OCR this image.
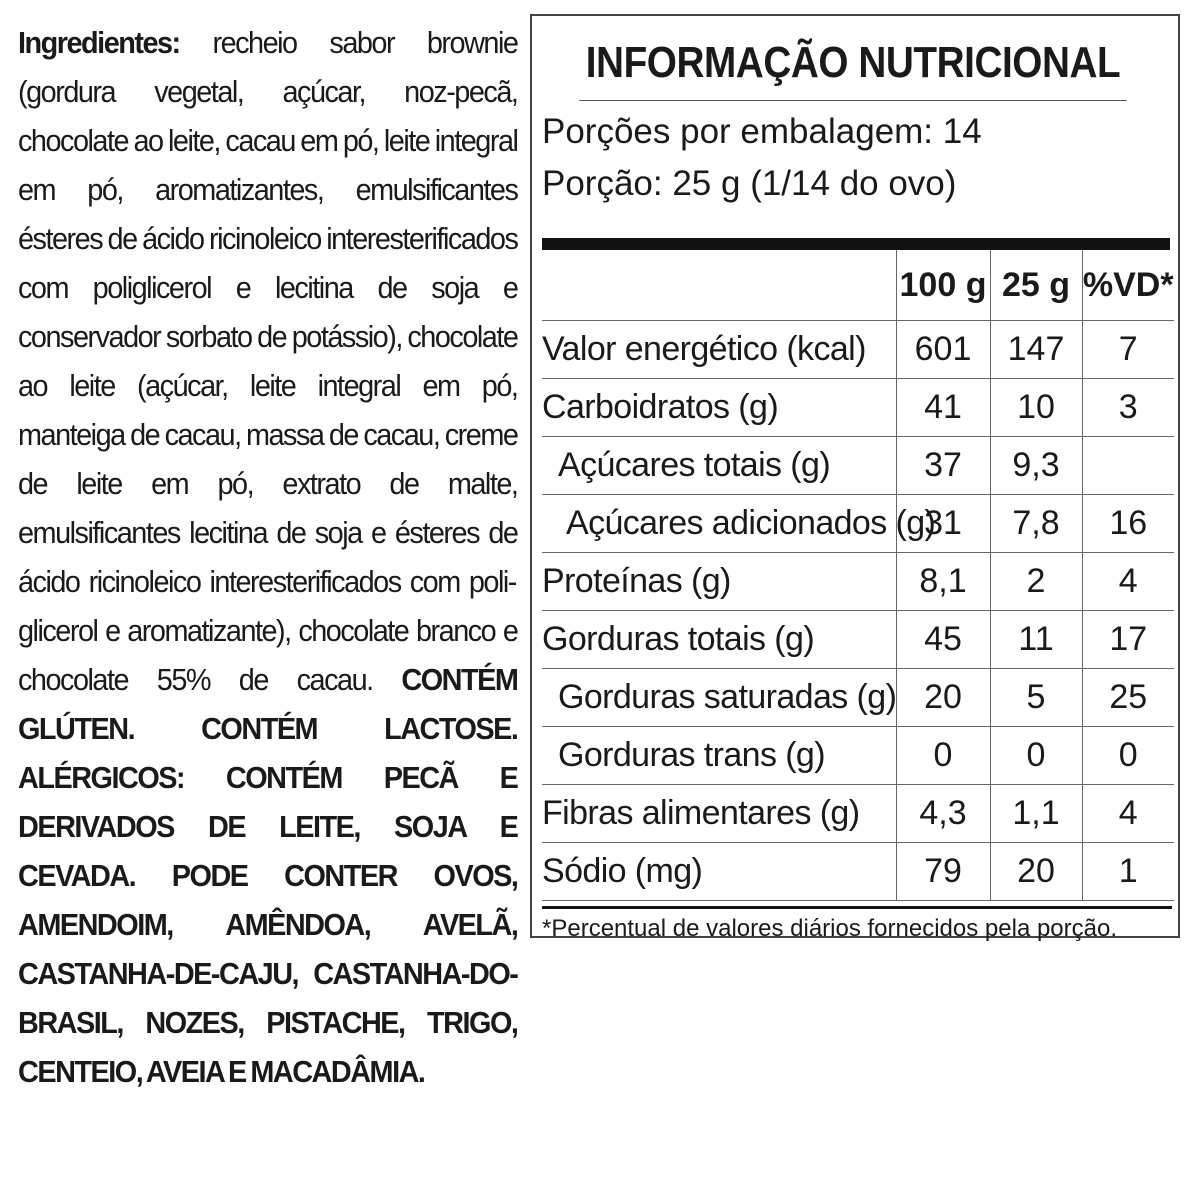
Ingredientes: recheio sabor brownie (gordura vegetal, açúcar, noz-pecã, chocolate ao leite, cacau em pó, leite integral em pó, aromatizantes, emulsificantes ésteres de ácido ricinoleico interesterificados com poliglicerol e lecitina de soja e conservador sorbato de potássio), chocolate ao leite (açúcar, leite integral em pó, manteiga de cacau, massa de cacau, creme de leite em pó, extrato de malte, emulsificantes lecitina de soja e ésteres de ácido ricinoleico interesterificados com poliglicerol e aromatizante), chocolate branco e chocolate 55% de cacau. CONTÉM GLÚTEN. CONTÉM LACTOSE. ALÉRGICOS: CONTÉM PECÃ E DERIVADOS DE LEITE, SOJA E CEVADA. PODE CONTER OVOS, AMENDOIM, AMÊNDOA, AVELÃ, CASTANHA-DE-CAJU, CASTANHA-DO-BRASIL, NOZES, PISTACHE, TRIGO, CENTEIO, AVEIA E MACADÂMIA.
INFORMAÇÃO NUTRICIONAL
Porções por embalagem: 14
Porção: 25 g (1/14 do ovo)
	100 g	25 g	%VD*
Valor energético (kcal)	601	147	7
Carboidratos (g)	41	10	3
Açúcares totais (g)	37	9,3	
Açúcares adicionados (g)	31	7,8	16
Proteínas (g)	8,1	2	4
Gorduras totais (g)	45	11	17
Gorduras saturadas (g)	20	5	25
Gorduras trans (g)	0	0	0
Fibras alimentares (g)	4,3	1,1	4
Sódio (mg)	79	20	1
*Percentual de valores diários fornecidos pela porção.
